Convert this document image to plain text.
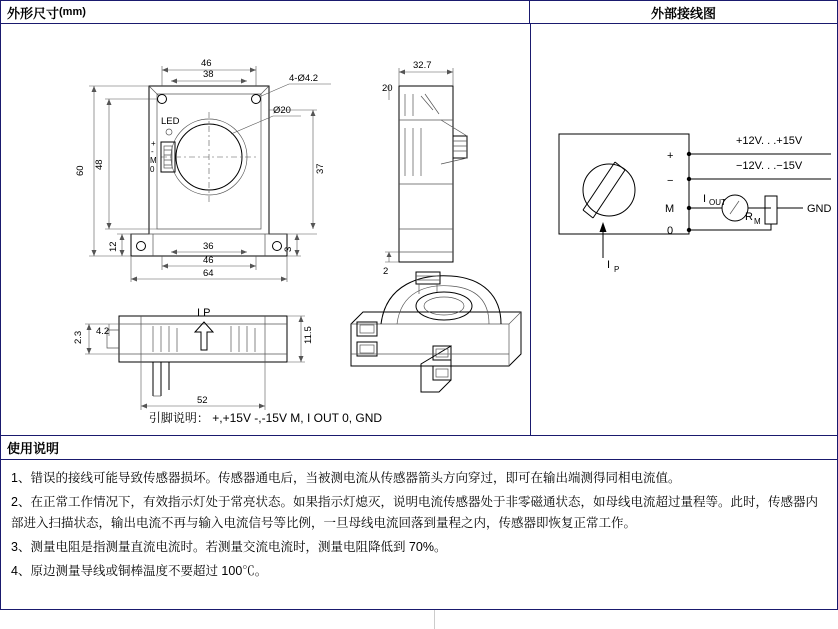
外形尺寸 (mm)	外部接线图
LED
+
-
M
0
4-Ø4.2
Ø20
46
38
60
48
12
37
3
36
46
64
32.7
20
2
I P
4.2
2.3	11.5
52
引脚说明： +,+15V -,-15V M, I OUT 0, GND
I P
+
−
M
0
I OUT
R M
GND
+12V. . .+15V
−12V. . .−15V
使用说明

1、错误的接线可能导致传感器损坏。传感器通电后，当被测电流从传感器箭头方向穿过，即可在输出端测得同相电流值。

2、在正常工作情况下，有效指示灯处于常亮状态。如果指示灯熄灭，说明电流传感器处于非零磁通状态，如母线电流超过量程等。此时，传感器内部进入扫描状态，输出电流不再与输入电流信号等比例，一旦母线电流回落到量程之内，传感器即恢复正常工作。

3、测量电阻是指测量直流电流时。若测量交流电流时，测量电阻降低到 70%。

4、原边测量导线或铜棒温度不要超过 100℃。
